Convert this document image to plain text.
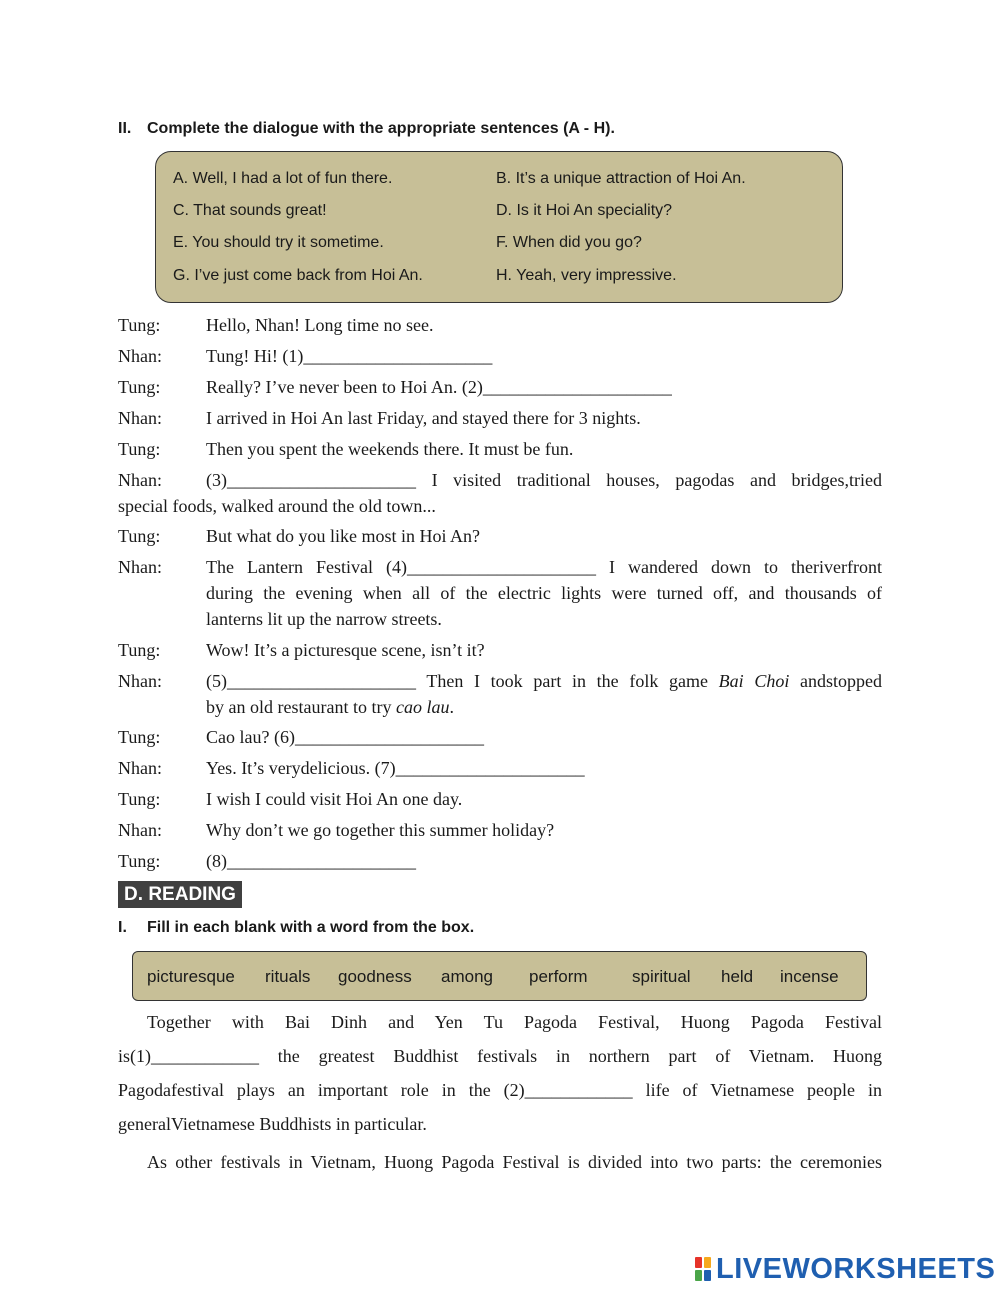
II. Complete the dialogue with the appropriate sentences (A - H).
A. Well, I had a lot of fun there.	B. It’s a unique attraction of Hoi An.
C. That sounds great!	D. Is it Hoi An speciality?
E. You should try it sometime.	F. When did you go?
G. I’ve just come back from Hoi An.	H. Yeah, very impressive.
Tung:	Hello, Nhan! Long time no see.
Nhan: Tung! Hi! (1)_____________________
Tung:	Really? I’ve never been to Hoi An. (2)_____________________
Nhan: I arrived in Hoi An last Friday, and stayed there for 3 nights.
Tung:	Then you spent the weekends there. It must be fun.
Nhan: (3)_____________________ I visited traditional houses, pagodas and bridges,tried
special foods, walked around the old town...
Tung:	But what do you like most in Hoi An?
Nhan: The Lantern Festival (4)_____________________ I wandered down to theriverfront
during the evening when all of the electric lights were turned off, and thousands of
lanterns lit up the narrow streets.
Tung:	Wow! It’s a picturesque scene, isn’t it?
Nhan: (5)_____________________ Then I took part in the folk game Bai Choi andstopped
by an old restaurant to try cao lau.
Tung:	Cao lau? (6)_____________________
Nhan: Yes. It’s verydelicious. (7)_____________________
Tung:	I wish I could visit Hoi An one day.
Nhan: Why don’t we go together this summer holiday?
Tung:	(8)_____________________
D. READING
I. Fill in each blank with a word from the box.
picturesque rituals goodness among perform	spiritual held incense
Together with Bai Dinh and Yen Tu Pagoda Festival, Huong Pagoda Festival
is(1)____________ the greatest Buddhist festivals in northern part of Vietnam. Huong
Pagodafestival plays an important role in the (2)____________ life of Vietnamese people in
generalVietnamese Buddhists in particular.
As other festivals in Vietnam, Huong Pagoda Festival is divided into two parts: the ceremonies
LIVEWORKSHEETS
